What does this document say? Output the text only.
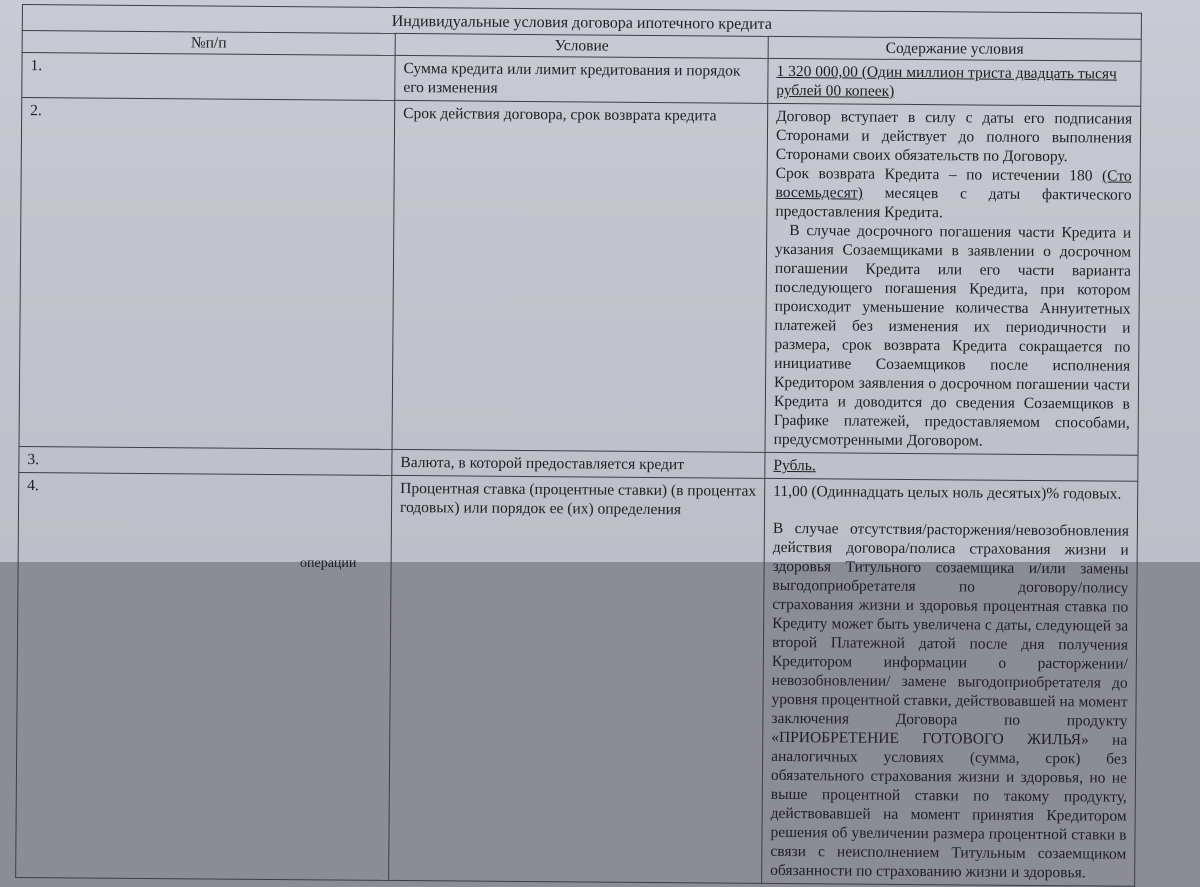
Индивидуальные условия договора ипотечного кредита		
№п/п	Условие	Содержание условия
1.	Сумма кредита или лимит кредитования и порядок его изменения	1 320 000,00 (Один миллион триста двадцать тысяч рублей 00 копеек)
2.	Срок действия договора, срок возврата кредита	Договор вступает в силу с даты его подписания Сторонами и действует до полного выполнения Сторонами своих обязательств по Договору.

Срок возврата Кредита – по истечении 180 (Сто восемьдесят) месяцев с даты фактического предоставления Кредита.

В случае досрочного погашения части Кредита и указания Созаемщиками в заявлении о досрочном погашении Кредита или его части варианта последующего погашения Кредита, при котором происходит уменьшение количества Аннуитетных платежей без изменения их периодичности и размера, срок возврата Кредита сокращается по инициативе Созаемщиков после исполнения Кредитором заявления о досрочном погашении части Кредита и доводится до сведения Созаемщиков в Графике платежей, предоставляемом способами, предусмотренными Договором.

3.	Валюта, в которой предоставляется кредит	Рубль.
4.	Процентная ставка (процентные ставки) (в процентах годовых) или порядок ее (их) определения	11,00 (Одиннадцать целых ноль десятых)% годовых.

В случае отсутствия/расторжения/невозобновления действия договора/полиса страхования жизни и здоровья Титульного созаемщика и/или замены выгодоприобретателя по договору/полису страхования жизни и здоровья процентная ставка по Кредиту может быть увеличена с даты, следующей за второй Платежной датой после дня получения Кредитором информации о расторжении/ невозобновлении/ замене выгодоприобретателя до уровня процентной ставки, действовавшей на момент заключения Договора по продукту «ПРИОБРЕТЕНИЕ ГОТОВОГО ЖИЛЬЯ» на аналогичных условиях (сумма, срок) без обязательного страхования жизни и здоровья, но не выше процентной ставки по такому продукту, действовавшей на момент принятия Кредитором решения об увеличении размера процентной ставки в связи с неисполнением Титульным созаемщиком обязанности по страхованию жизни и здоровья.

операции
